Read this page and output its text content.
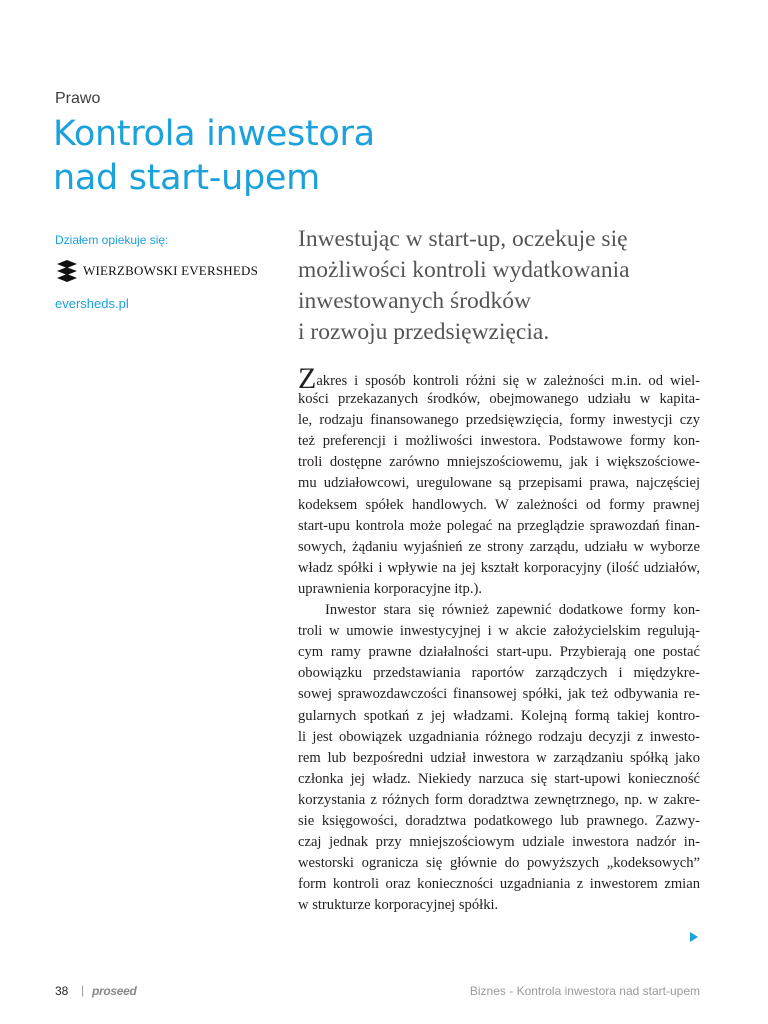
Prawo
Kontrola inwestora
nad start-upem
Działem opiekuje się:
WIERZBOWSKI EVERSHEDS
eversheds.pl
Inwestując w start-up, oczekuje się
możliwości kontroli wydatkowania
inwestowanych środków
i rozwoju przedsięwzięcia.
Zakres i sposób kontroli różni się w zależności m.in. od wiel-
kości przekazanych środków, obejmowanego udziału w kapita-
le, rodzaju finansowanego przedsięwzięcia, formy inwestycji czy
też preferencji i możliwości inwestora. Podstawowe formy kon-
troli dostępne zarówno mniejszościowemu, jak i większościowe-
mu udziałowcowi, uregulowane są przepisami prawa, najczęściej
kodeksem spółek handlowych. W zależności od formy prawnej
start-upu kontrola może polegać na przeglądzie sprawozdań finan-
sowych, żądaniu wyjaśnień ze strony zarządu, udziału w wyborze
władz spółki i wpływie na jej kształt korporacyjny (ilość udziałów,
uprawnienia korporacyjne itp.).
Inwestor stara się również zapewnić dodatkowe formy kon-
troli w umowie inwestycyjnej i w akcie założycielskim regulują-
cym ramy prawne działalności start-upu. Przybierają one postać
obowiązku przedstawiania raportów zarządczych i międzykre-
sowej sprawozdawczości finansowej spółki, jak też odbywania re-
gularnych spotkań z jej władzami. Kolejną formą takiej kontro-
li jest obowiązek uzgadniania różnego rodzaju decyzji z inwesto-
rem lub bezpośredni udział inwestora w zarządzaniu spółką jako
członka jej władz. Niekiedy narzuca się start-upowi konieczność
korzystania z różnych form doradztwa zewnętrznego, np. w zakre-
sie księgowości, doradztwa podatkowego lub prawnego. Zazwy-
czaj jednak przy mniejszościowym udziale inwestora nadzór in-
westorski ogranicza się głównie do powyższych „kodeksowych”
form kontroli oraz konieczności uzgadniania z inwestorem zmian
w strukturze korporacyjnej spółki.
38 | proseed	Biznes - Kontrola inwestora nad start-upem
